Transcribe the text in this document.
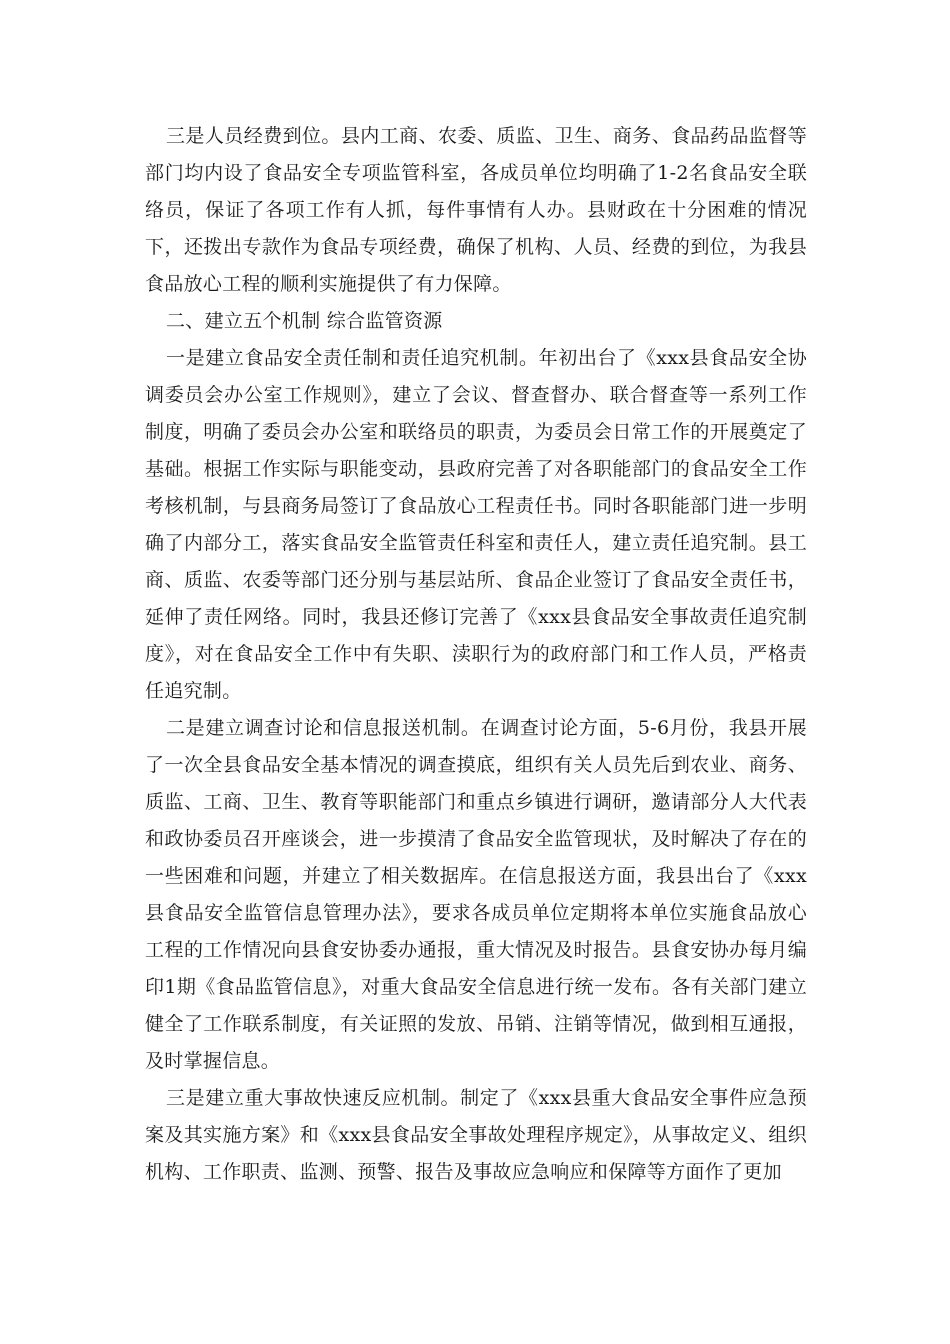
三是人员经费到位。县内工商、农委、质监、卫生、商务、食品药品监督等部门均内设了食品安全专项监管科室，各成员单位均明确了1-2名食品安全联络员，保证了各项工作有人抓，每件事情有人办。县财政在十分困难的情况下，还拨出专款作为食品专项经费，确保了机构、人员、经费的到位，为我县食品放心工程的顺利实施提供了有力保障。

二、建立五个机制 综合监管资源

一是建立食品安全责任制和责任追究机制。年初出台了《xxx县食品安全协调委员会办公室工作规则》，建立了会议、督查督办、联合督查等一系列工作制度，明确了委员会办公室和联络员的职责，为委员会日常工作的开展奠定了基础。根据工作实际与职能变动，县政府完善了对各职能部门的食品安全工作考核机制，与县商务局签订了食品放心工程责任书。同时各职能部门进一步明确了内部分工，落实食品安全监管责任科室和责任人，建立责任追究制。县工商、质监、农委等部门还分别与基层站所、食品企业签订了食品安全责任书，延伸了责任网络。同时，我县还修订完善了《xxx县食品安全事故责任追究制度》，对在食品安全工作中有失职、渎职行为的政府部门和工作人员，严格责任追究制。

二是建立调查讨论和信息报送机制。在调查讨论方面，5-6月份，我县开展了一次全县食品安全基本情况的调查摸底，组织有关人员先后到农业、商务、质监、工商、卫生、教育等职能部门和重点乡镇进行调研，邀请部分人大代表和政协委员召开座谈会，进一步摸清了食品安全监管现状，及时解决了存在的一些困难和问题，并建立了相关数据库。在信息报送方面，我县出台了《xxx县食品安全监管信息管理办法》，要求各成员单位定期将本单位实施食品放心工程的工作情况向县食安协委办通报，重大情况及时报告。县食安协办每月编印1期《食品监管信息》，对重大食品安全信息进行统一发布。各有关部门建立健全了工作联系制度，有关证照的发放、吊销、注销等情况，做到相互通报，及时掌握信息。

三是建立重大事故快速反应机制。制定了《xxx县重大食品安全事件应急预案及其实施方案》和《xxx县食品安全事故处理程序规定》，从事故定义、组织机构、工作职责、监测、预警、报告及事故应急响应和保障等方面作了更加
